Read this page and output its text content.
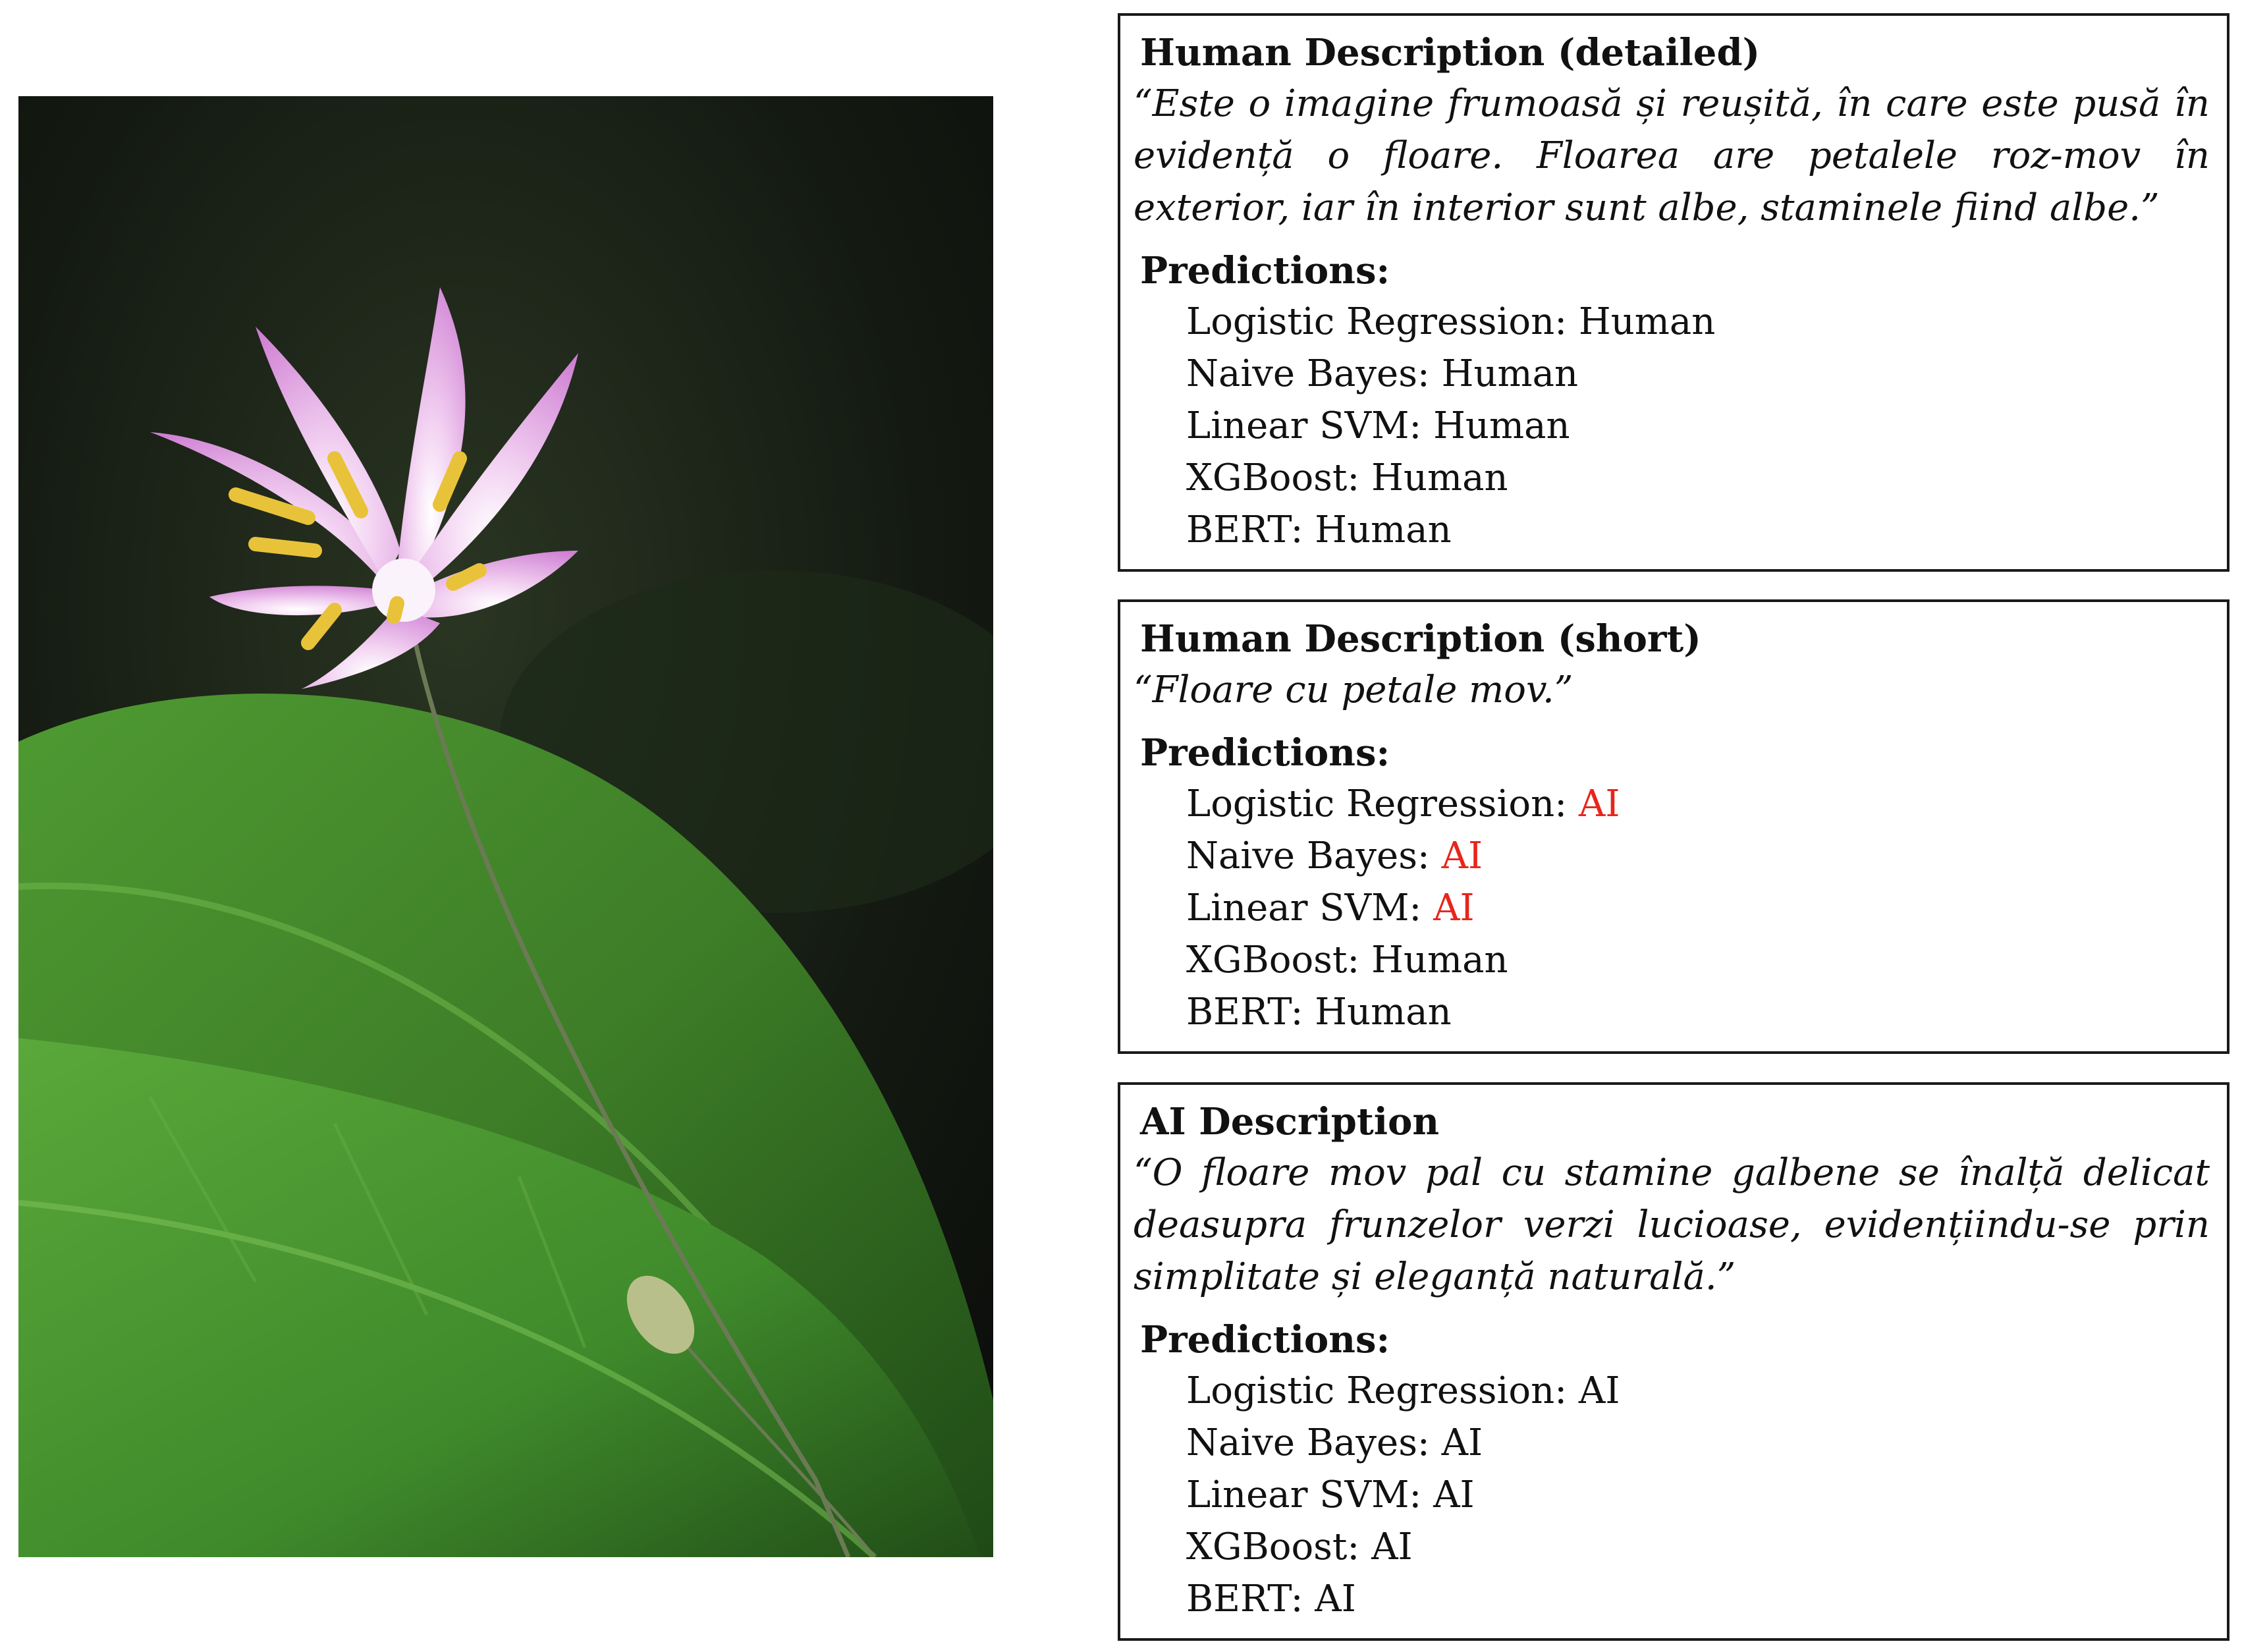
Human Description (detailed)
“Este o imagine frumoasă și reușită, în care este pusă în evidență o floare. Floarea are petalele roz-mov în exterior, iar în interior sunt albe, staminele fiind albe.”
Predictions:
Logistic Regression: Human
Naive Bayes: Human
Linear SVM: Human
XGBoost: Human
BERT: Human
Human Description (short)
“Floare cu petale mov.”
Predictions:
Logistic Regression: AI
Naive Bayes: AI
Linear SVM: AI
XGBoost: Human
BERT: Human
AI Description
“O floare mov pal cu stamine galbene se înalță delicat deasupra frunzelor verzi lucioase, evidențiindu-se prin simplitate și eleganță naturală.”
Predictions:
Logistic Regression: AI
Naive Bayes: AI
Linear SVM: AI
XGBoost: AI
BERT: AI
